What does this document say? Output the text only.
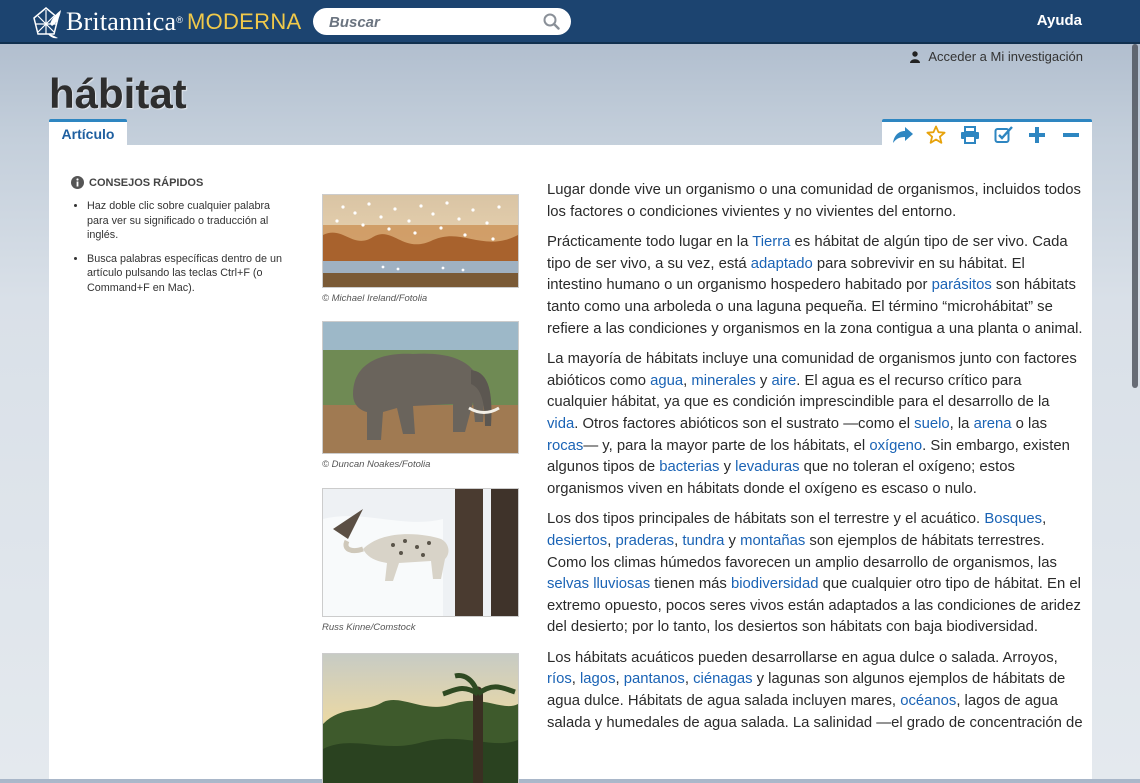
Britannica ® MODERNA
Buscar	Ayuda
Acceder a Mi investigación
hábitat
Artículo
CONSEJOS RÁPIDOS
• Haz doble clic sobre cualquier palabra para ver su significado o traducción al inglés.
• Busca palabras específicas dentro de un artículo pulsando las teclas Ctrl+F (o Command+F en Mac).
© Michael Ireland/Fotolia
© Duncan Noakes/Fotolia
Russ Kinne/Comstock

Lugar donde vive un organismo o una comunidad de organismos, incluidos todos los factores o condiciones vivientes y no vivientes del entorno.

Prácticamente todo lugar en la Tierra es hábitat de algún tipo de ser vivo. Cada tipo de ser vivo, a su vez, está adaptado para sobrevivir en su hábitat. El intestino humano o un organismo hospedero habitado por parásitos son hábitats tanto como una arboleda o una laguna pequeña. El término “microhábitat” se refiere a las condiciones y organismos en la zona contigua a una planta o animal.

La mayoría de hábitats incluye una comunidad de organismos junto con factores abióticos como agua, minerales y aire. El agua es el recurso crítico para cualquier hábitat, ya que es condición imprescindible para el desarrollo de la vida. Otros factores abióticos son el sustrato —como el suelo, la arena o las rocas— y, para la mayor parte de los hábitats, el oxígeno. Sin embargo, existen algunos tipos de bacterias y levaduras que no toleran el oxígeno; estos organismos viven en hábitats donde el oxígeno es escaso o nulo.

Los dos tipos principales de hábitats son el terrestre y el acuático. Bosques, desiertos, praderas, tundra y montañas son ejemplos de hábitats terrestres. Como los climas húmedos favorecen un amplio desarrollo de organismos, las selvas lluviosas tienen más biodiversidad que cualquier otro tipo de hábitat. En el extremo opuesto, pocos seres vivos están adaptados a las condiciones de aridez del desierto; por lo tanto, los desiertos son hábitats con baja biodiversidad.

Los hábitats acuáticos pueden desarrollarse en agua dulce o salada. Arroyos, ríos, lagos, pantanos, ciénagas y lagunas son algunos ejemplos de hábitats de agua dulce. Hábitats de agua salada incluyen mares, océanos, lagos de agua salada y humedales de agua salada. La salinidad —el grado de concentración de
